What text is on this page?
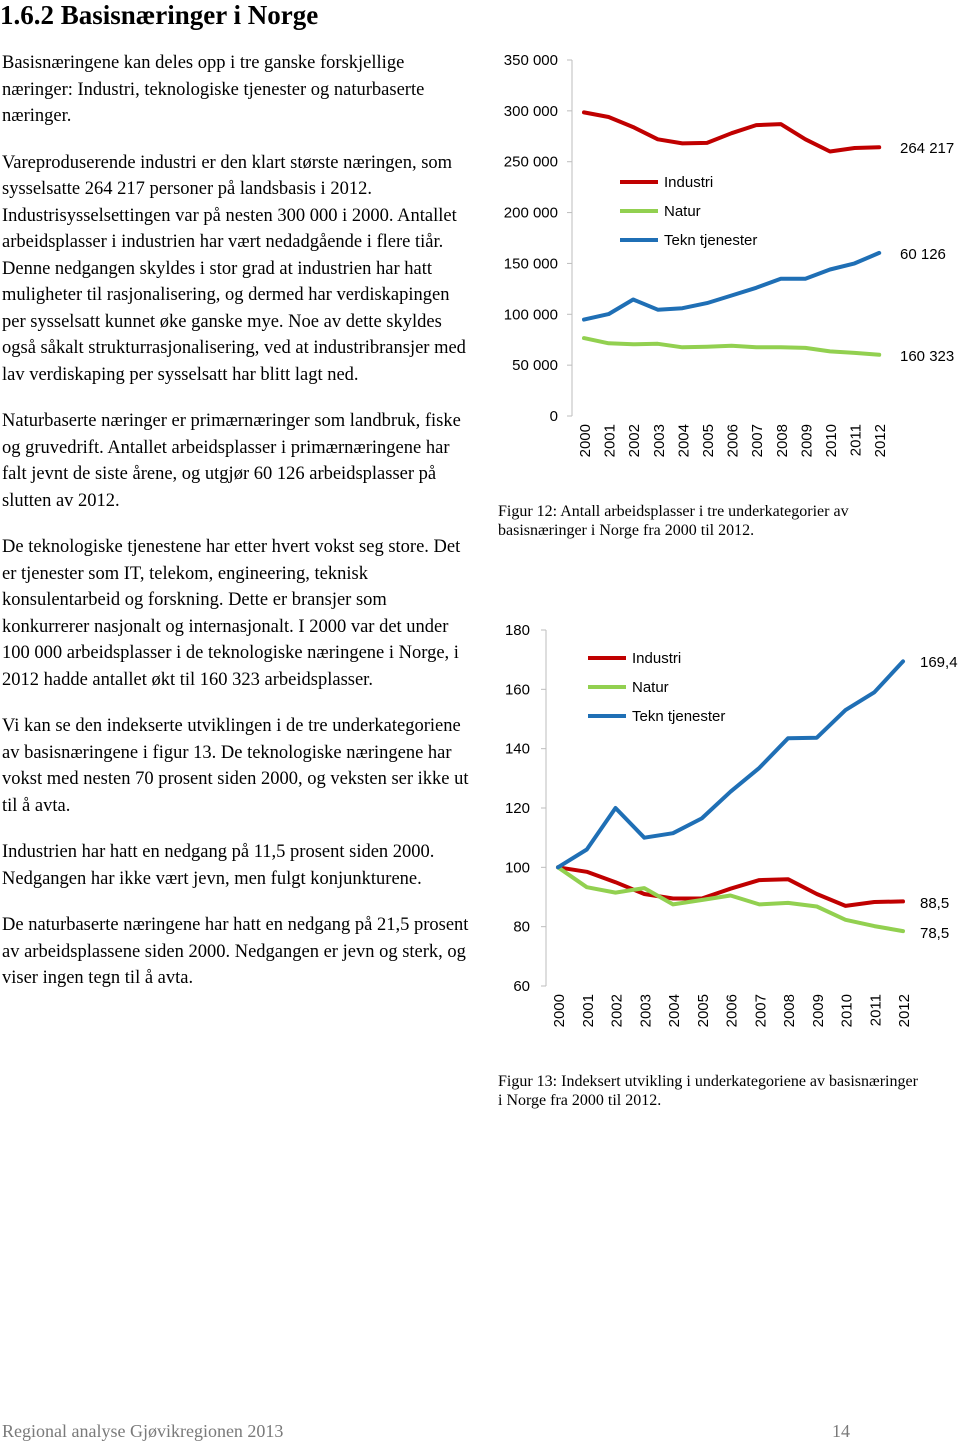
1.6.2 Basisnæringer i Norge

Basisnæringene kan deles opp i tre ganske forskjellige næringer: Industri, teknologiske tjenester og naturbaserte næringer.

Vareproduserende industri er den klart største næringen, som sysselsatte 264 217 personer på landsbasis i 2012. Industrisysselsettingen var på nesten 300 000 i 2000. Antallet arbeidsplasser i industrien har vært nedadgående i flere tiår. Denne nedgangen skyldes i stor grad at industrien har hatt muligheter til rasjonalisering, og dermed har verdiskapingen per sysselsatt kunnet øke ganske mye. Noe av dette skyldes også såkalt strukturrasjonalisering, ved at industribransjer med lav verdiskaping per sysselsatt har blitt lagt ned.

Naturbaserte næringer er primærnæringer som landbruk, fiske og gruvedrift. Antallet arbeidsplasser i primærnæringene har falt jevnt de siste årene, og utgjør 60 126 arbeidsplasser på slutten av 2012.

De teknologiske tjenestene har etter hvert vokst seg store. Det er tjenester som IT, telekom, engineering, teknisk konsulentarbeid og forskning. Dette er bransjer som konkurrerer nasjonalt og internasjonalt. I 2000 var det under 100 000 arbeidsplasser i de teknologiske næringene i Norge, i 2012 hadde antallet økt til 160 323 arbeidsplasser.

Vi kan se den indekserte utviklingen i de tre underkategoriene av basisnæringene i figur 13. De teknologiske næringene har vokst med nesten 70 prosent siden 2000, og veksten ser ikke ut til å avta.

Industrien har hatt en nedgang på 11,5 prosent siden 2000. Nedgangen har ikke vært jevn, men fulgt konjunkturene.

De naturbaserte næringene har hatt en nedgang på 21,5 prosent av arbeidsplassene siden 2000. Nedgangen er jevn og sterk, og viser ingen tegn til å avta.

0
50 000
100 000
150 000
200 000
250 000
300 000
350 000
2000 2001 2002 2003 2004 2005 2006 2007 2008 2009 2010 2011 2012
Industri
Natur
Tekn tjenester
264 217
60 126
160 323
Figur 12: Antall arbeidsplasser i tre underkategorier av basisnæringer i Norge fra 2000 til 2012.
60
80
100
120
140
160
180
2000 2001 2002 2003 2004 2005 2006 2007 2008 2009 2010 2011 2012
Industri
Natur
Tekn tjenester
169,4
88,5
78,5
Figur 13: Indeksert utvikling i underkategoriene av basisnæringer i Norge fra 2000 til 2012.
Regional analyse Gjøvikregionen 2013	14
